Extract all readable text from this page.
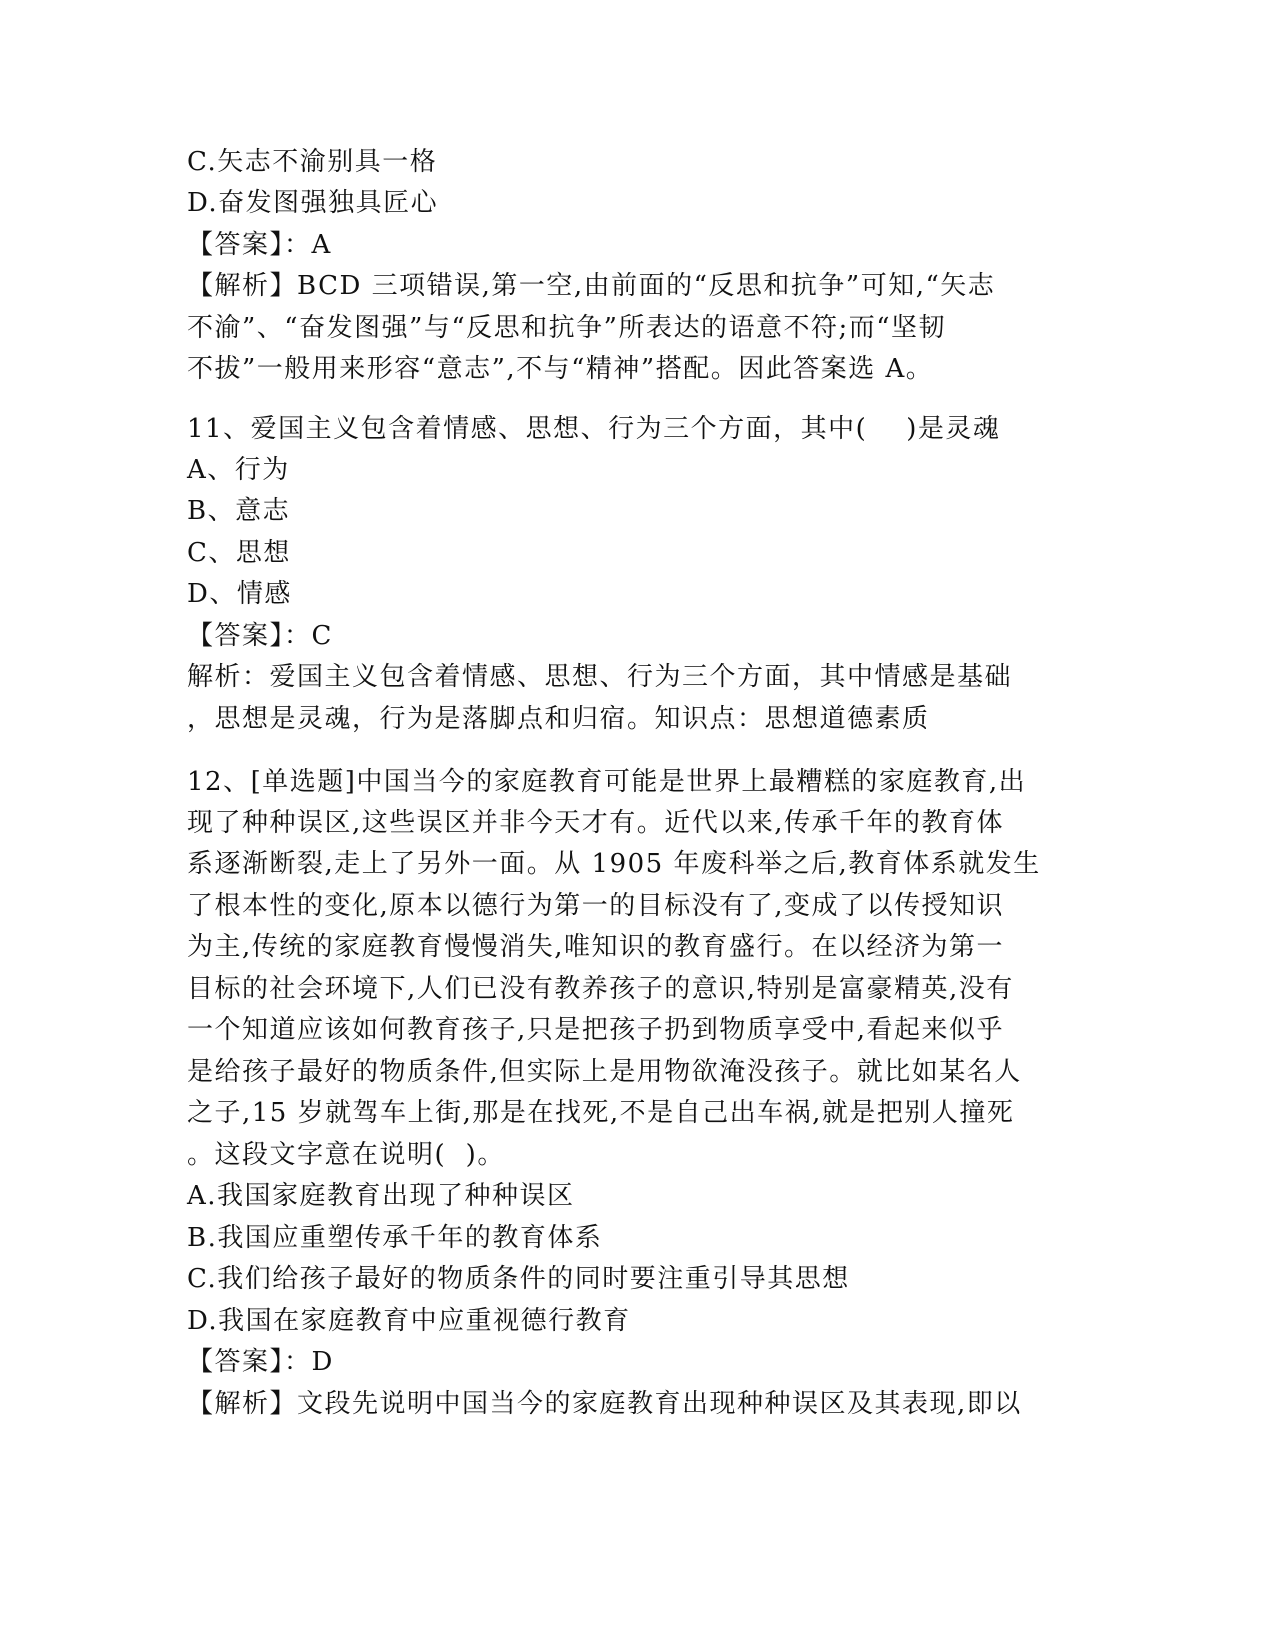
C.矢志不渝别具一格
D.奋发图强独具匠心
【答案】：A
【解析】BCD 三项错误,第一空,由前面的“反思和抗争”可知,“矢志
不渝”、“奋发图强”与“反思和抗争”所表达的语意不符;而“坚韧
不拔”一般用来形容“意志”,不与“精神”搭配。因此答案选 A。
11、爱国主义包含着情感、思想、行为三个方面，其中(    )是灵魂
A、行为
B、意志
C、思想
D、情感
【答案】：C
解析：爱国主义包含着情感、思想、行为三个方面，其中情感是基础
，思想是灵魂，行为是落脚点和归宿。知识点：思想道德素质
12、[单选题]中国当今的家庭教育可能是世界上最糟糕的家庭教育,出
现了种种误区,这些误区并非今天才有。近代以来,传承千年的教育体
系逐渐断裂,走上了另外一面。从 1905 年废科举之后,教育体系就发生
了根本性的变化,原本以德行为第一的目标没有了,变成了以传授知识
为主,传统的家庭教育慢慢消失,唯知识的教育盛行。在以经济为第一
目标的社会环境下,人们已没有教养孩子的意识,特别是富豪精英,没有
一个知道应该如何教育孩子,只是把孩子扔到物质享受中,看起来似乎
是给孩子最好的物质条件,但实际上是用物欲淹没孩子。就比如某名人
之子,15 岁就驾车上街,那是在找死,不是自己出车祸,就是把别人撞死
。这段文字意在说明(  )。
A.我国家庭教育出现了种种误区
B.我国应重塑传承千年的教育体系
C.我们给孩子最好的物质条件的同时要注重引导其思想
D.我国在家庭教育中应重视德行教育
【答案】：D
【解析】文段先说明中国当今的家庭教育出现种种误区及其表现,即以
